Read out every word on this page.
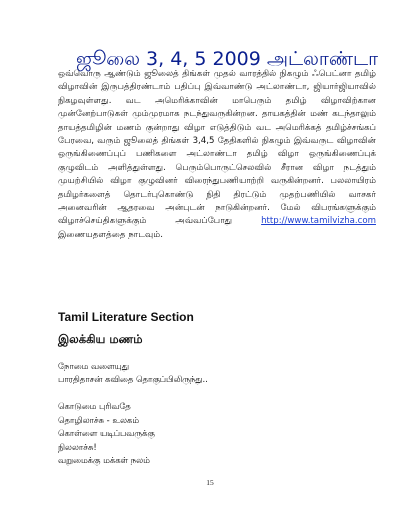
ஜூலை 3, 4, 5 2009 அட்லாண்டா
ஒவ்வொரு ஆண்டும் ஜூலைத் திங்கள் முதல் வாரத்தில் நிகழும் ஃபெட்னா தமிழ் விழாவின் இருபத்திரண்டாம் பதிப்பு இவ்வாண்டு அட்லாண்டா, ஜியார்ஜியாவில் நிகழவுள்ளது. வட அமெரிக்காவின் மாபெரும் தமிழ் விழாவிற்கான முன்னேற்பாடுகள் மும்முரமாக நடந்துவருகின்றன. தாயகத்தின் மண் கடந்தாலும் தாயத்தமிழின் மணம் குன்றாது விழா எடுத்திடும் வட அமெரிக்கத் தமிழ்ச்சங்கப் பேரவை, வரும் ஜூலைத் திங்கள் 3,4,5 தேதிகளில் நிகழும் இவ்வருட விழாவின் ஒருங்கிணைப்புப் பணிகளை அட்லாண்டா தமிழ் விழா ஒருங்கிணைப்புக் குழுவிடம் அளித்துள்ளது. பெரும்பொருட்செலவில் சீரான விழா நடத்தும் முயற்சியில் விழா குழுவினர் விரைந்துபணியாற்றி வருகின்றனர். பலலாயிரம் தமிழர்களைத் தொடர்புகொண்டு நிதி திரட்டும் முதற்பணியில் வாசகர் அனைவரின் ஆதரவை அன்புடன் நாடுகின்றனர். மேல் விபரங்களுக்கும் விழாச்செய்திகளுக்கும் அவ்வப்போது	http://www.tamilvizha.com இணையதளத்தை நாடவும்.
Tamil Literature Section
இலக்கிய மணம்
நோமை வளையுது
பாரதிதாசன் கவிதை தொகுப்பிலிருந்து..
கொடுமை புரிவதே
தொழிலாச்சு - உலகம்
கொள்ளை யடிப்பவருக்கு
நிலலாச்சு!
வறுமைக்கு மக்கள் நலம்
15
